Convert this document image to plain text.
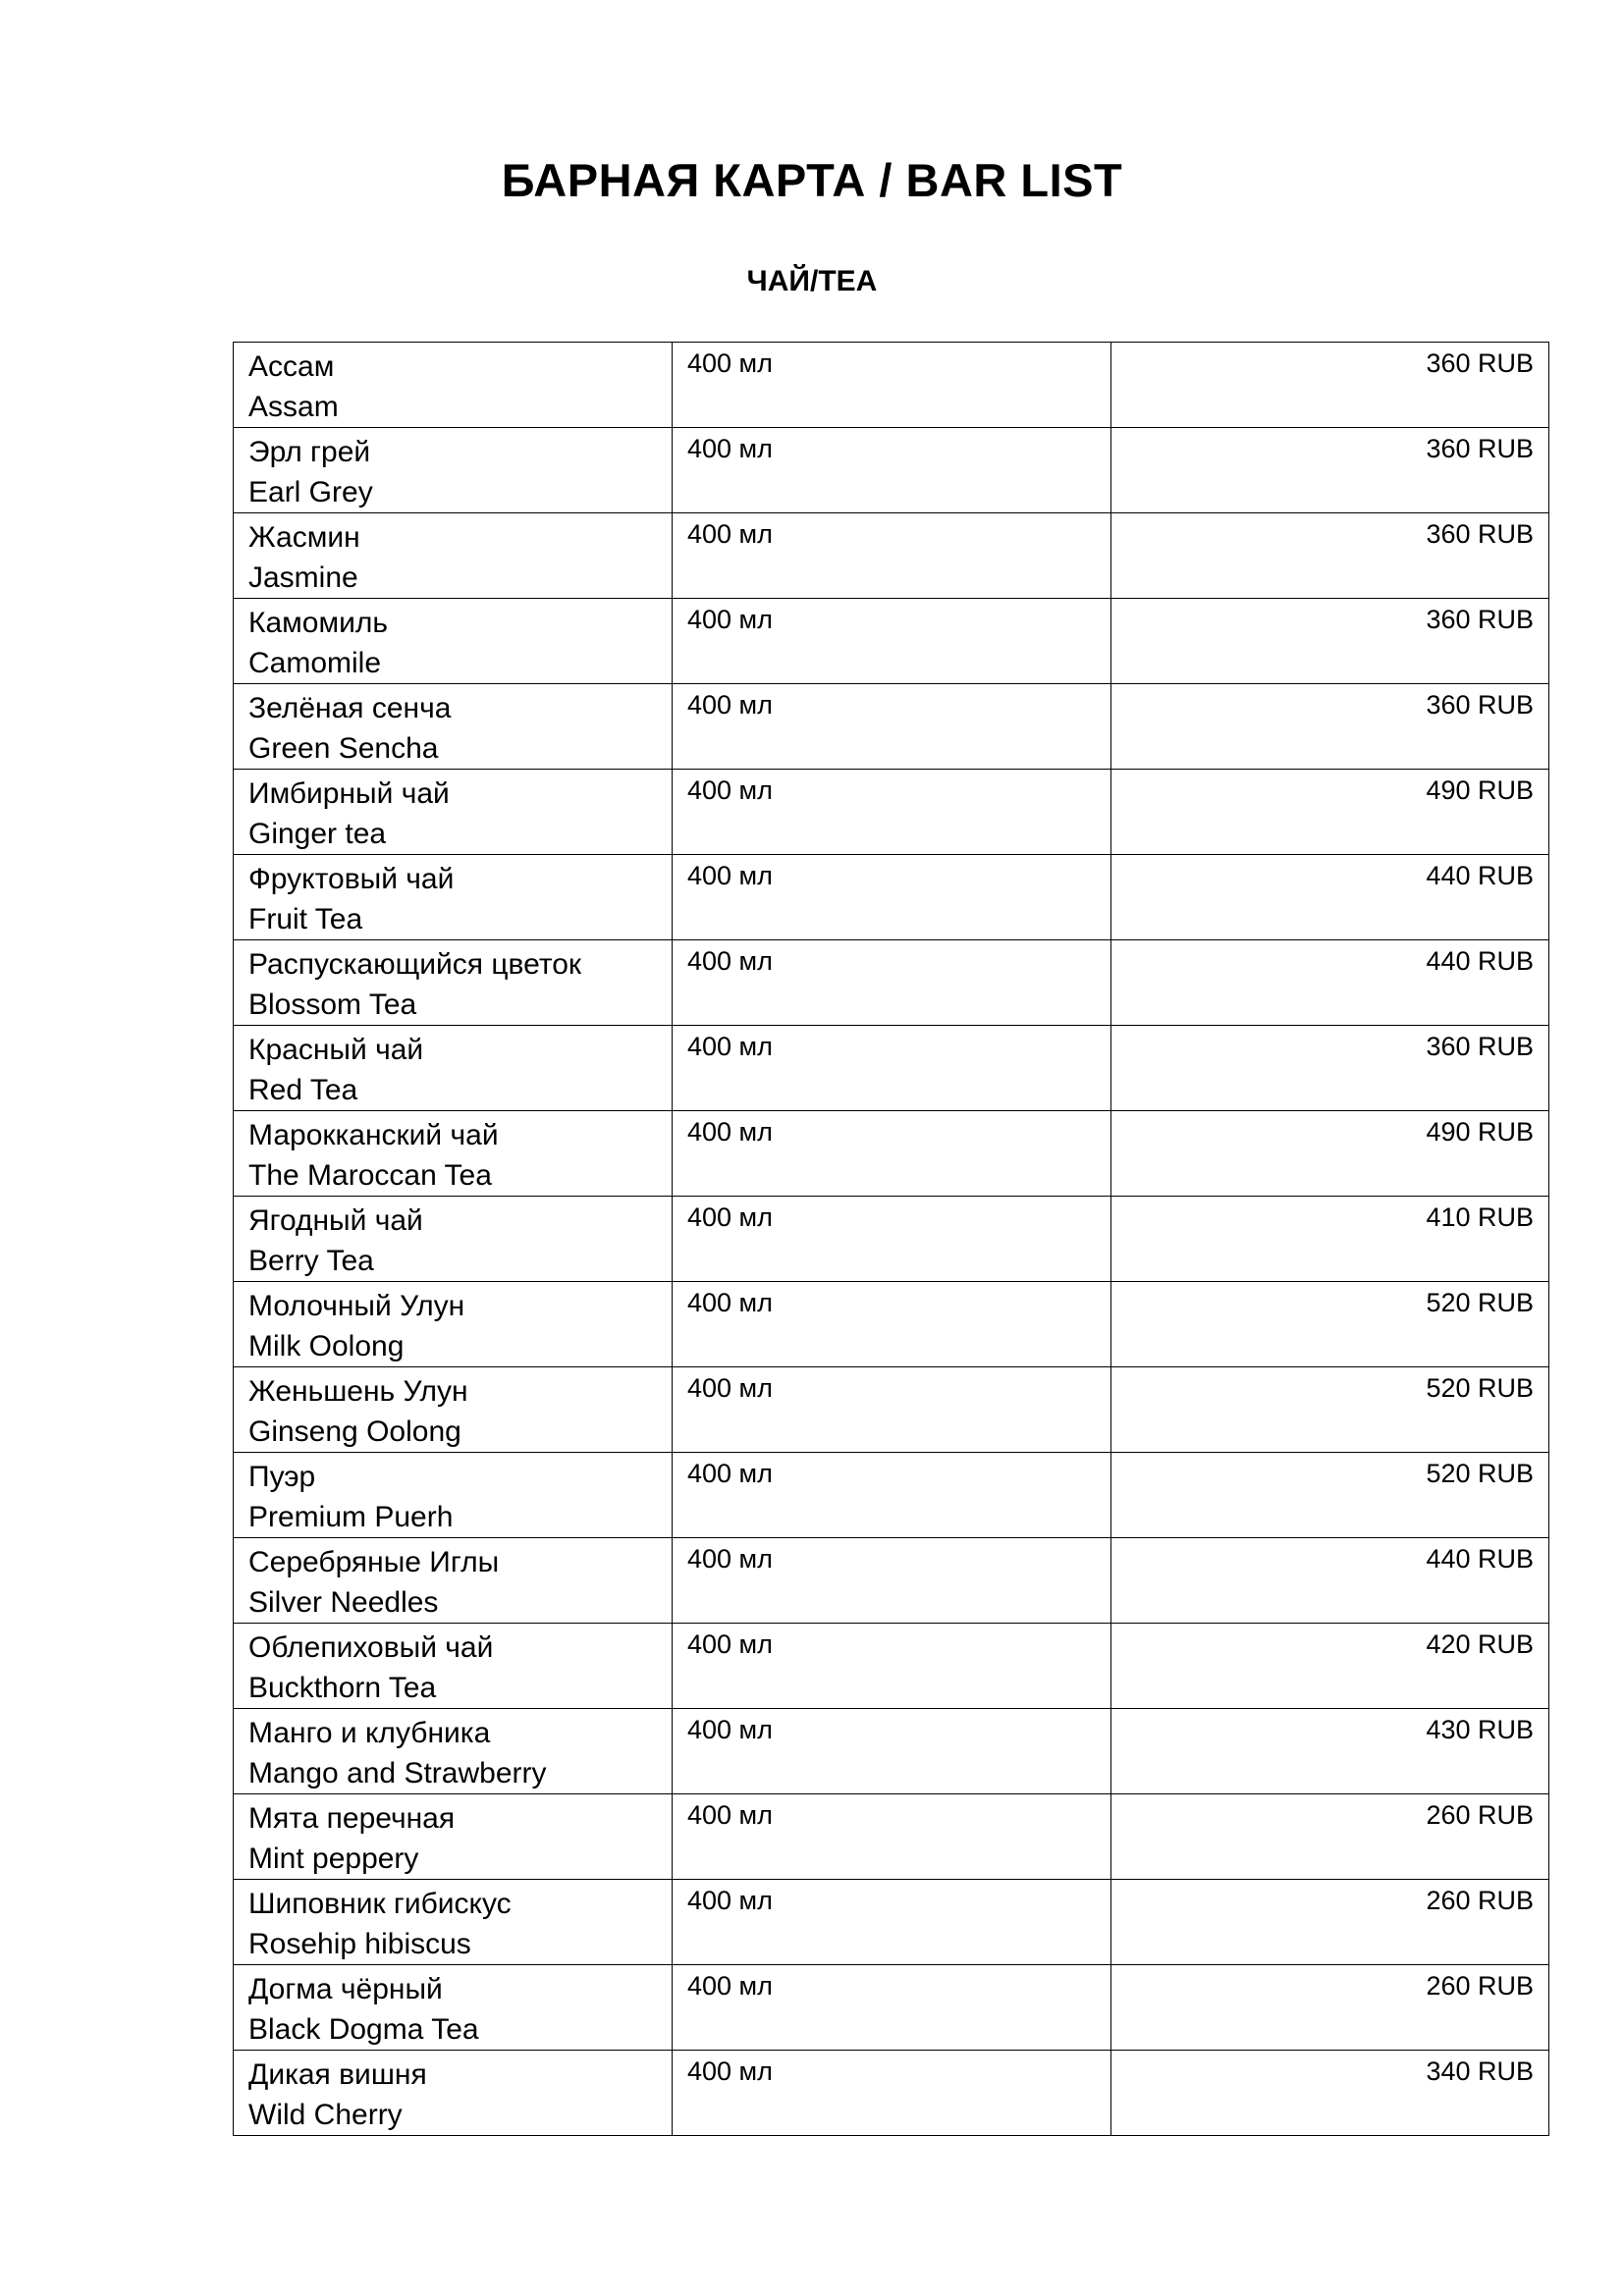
БАРНАЯ КАРТА / BAR LIST
ЧАЙ/TEA
Ассам
Assam	400 мл	360 RUB

Эрл грей
Earl Grey	400 мл	360 RUB

Жасмин
Jasmine	400 мл	360 RUB

Камомиль
Camomile	400 мл	360 RUB

Зелёная сенча
Green Sencha	400 мл	360 RUB

Имбирный чай
Ginger tea	400 мл	490 RUB

Фруктовый чай
Fruit Tea	400 мл	440 RUB

Распускающийся цветок
Blossom Tea	400 мл	440 RUB

Красный чай
Red Tea	400 мл	360 RUB

Марокканский чай
The Maroccan Tea	400 мл	490 RUB

Ягодный чай
Berry Tea	400 мл	410 RUB

Молочный Улун
Milk Oolong	400 мл	520 RUB

Женьшень Улун
Ginseng Oolong	400 мл	520 RUB

Пуэр
Premium Puerh	400 мл	520 RUB

Серебряные Иглы
Silver Needles	400 мл	440 RUB

Облепиховый чай
Buckthorn Tea	400 мл	420 RUB

Манго и клубника
Mango and Strawberry	400 мл	430 RUB

Мята перечная
Mint peppery	400 мл	260 RUB

Шиповник гибискус
Rosehip hibiscus	400 мл	260 RUB

Догма чёрный
Black Dogma Tea	400 мл	260 RUB

Дикая вишня
Wild Cherry	400 мл	340 RUB
